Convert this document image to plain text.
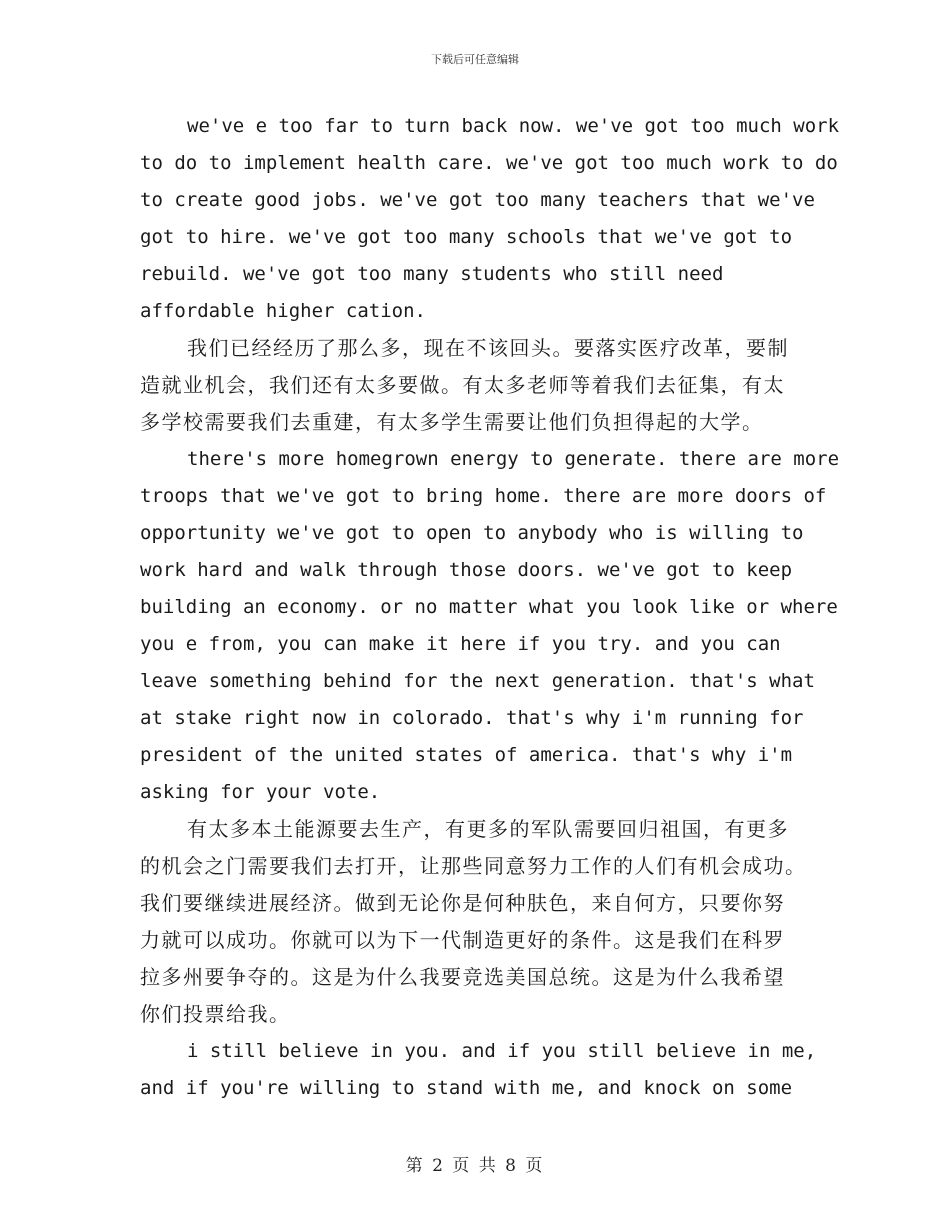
下载后可任意编辑

we've e too far to turn back now. we've got too much work
to do to implement health care. we've got too much work to do
to create good jobs. we've got too many teachers that we've
got to hire. we've got too many schools that we've got to
rebuild. we've got too many students who still need
affordable higher cation.

我们已经经历了那么多，现在不该回头。要落实医疗改革，要制
造就业机会，我们还有太多要做。有太多老师等着我们去征集，有太
多学校需要我们去重建，有太多学生需要让他们负担得起的大学。

there's more homegrown energy to generate. there are more
troops that we've got to bring home. there are more doors of
opportunity we've got to open to anybody who is willing to
work hard and walk through those doors. we've got to keep
building an economy. or no matter what you look like or where
you e from, you can make it here if you try. and you can
leave something behind for the next generation. that's what
at stake right now in colorado. that's why i'm running for
president of the united states of america. that's why i'm
asking for your vote.

有太多本土能源要去生产，有更多的军队需要回归祖国，有更多
的机会之门需要我们去打开，让那些同意努力工作的人们有机会成功。
我们要继续进展经济。做到无论你是何种肤色，来自何方，只要你努
力就可以成功。你就可以为下一代制造更好的条件。这是我们在科罗
拉多州要争夺的。这是为什么我要竞选美国总统。这是为什么我希望
你们投票给我。

i still believe in you. and if you still believe in me,
and if you're willing to stand with me, and knock on some

第 2 页 共 8 页
